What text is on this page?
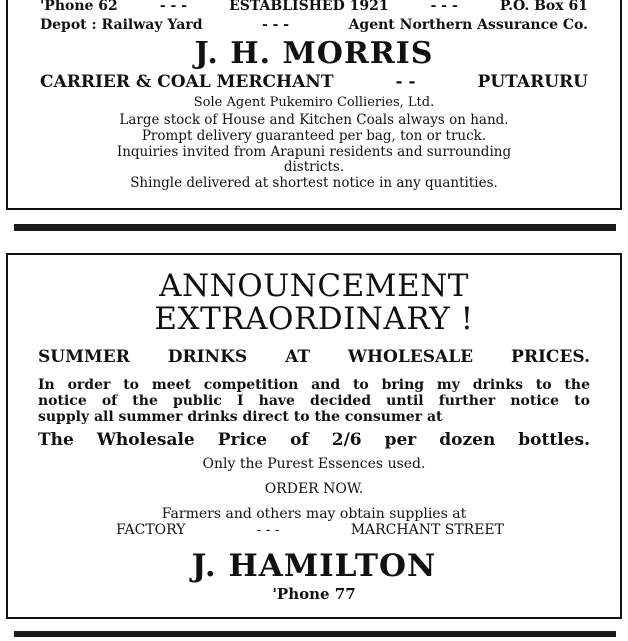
'Phone 62	- - -	ESTABLISHED 1921	- - -	P.O. Box 61
Depot : Railway Yard	- - -	Agent Northern Assurance Co.
J. H. MORRIS
CARRIER & COAL MERCHANT	- -	PUTARURU
Sole Agent Pukemiro Collieries, Ltd.
Large stock of House and Kitchen Coals always on hand.
Prompt delivery guaranteed per bag, ton or truck.
Inquiries invited from Arapuni residents and surrounding
districts.
Shingle delivered at shortest notice in any quantities.
ANNOUNCEMENT
EXTRAORDINARY !
SUMMER DRINKS AT WHOLESALE PRICES.
In order to meet competition and to bring my drinks to the
notice of the public I have decided until further notice to
supply all summer drinks direct to the consumer at
The Wholesale Price of 2/6 per dozen bottles.
Only the Purest Essences used.
ORDER NOW.
Farmers and others may obtain supplies at
FACTORY	- - -	MARCHANT STREET
J. HAMILTON
'Phone 77
